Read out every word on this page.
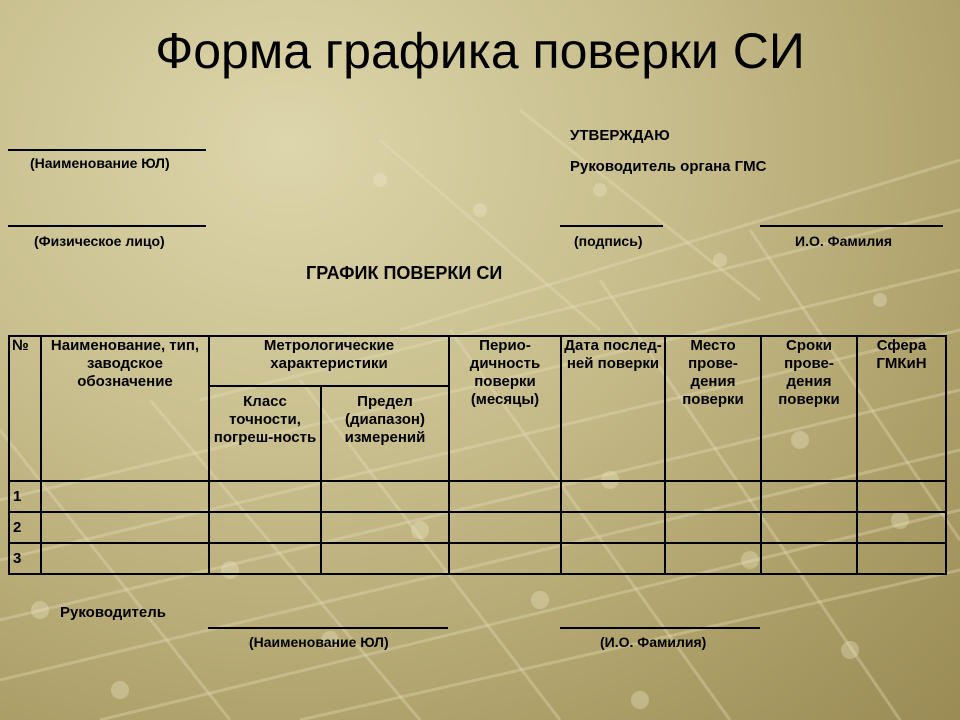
Форма графика поверки СИ
(Наименование ЮЛ)
(Физическое лицо)
УТВЕРЖДАЮ
Руководитель органа ГМС
(подпись)	И.О. Фамилия
ГРАФИК ПОВЕРКИ СИ
№	Наименование, тип, заводское обозначение	Метрологические характеристики		Перио-дичность поверки (месяцы)	Дата послед-ней поверки	Место прове-дения поверки	Сроки прове-дения поверки	Сфера ГМКиН
		Класс точности, погреш-ность	Предел (диапазон) измерений					
1								
2								
3								
Руководитель
(Наименование ЮЛ)	(И.О. Фамилия)
